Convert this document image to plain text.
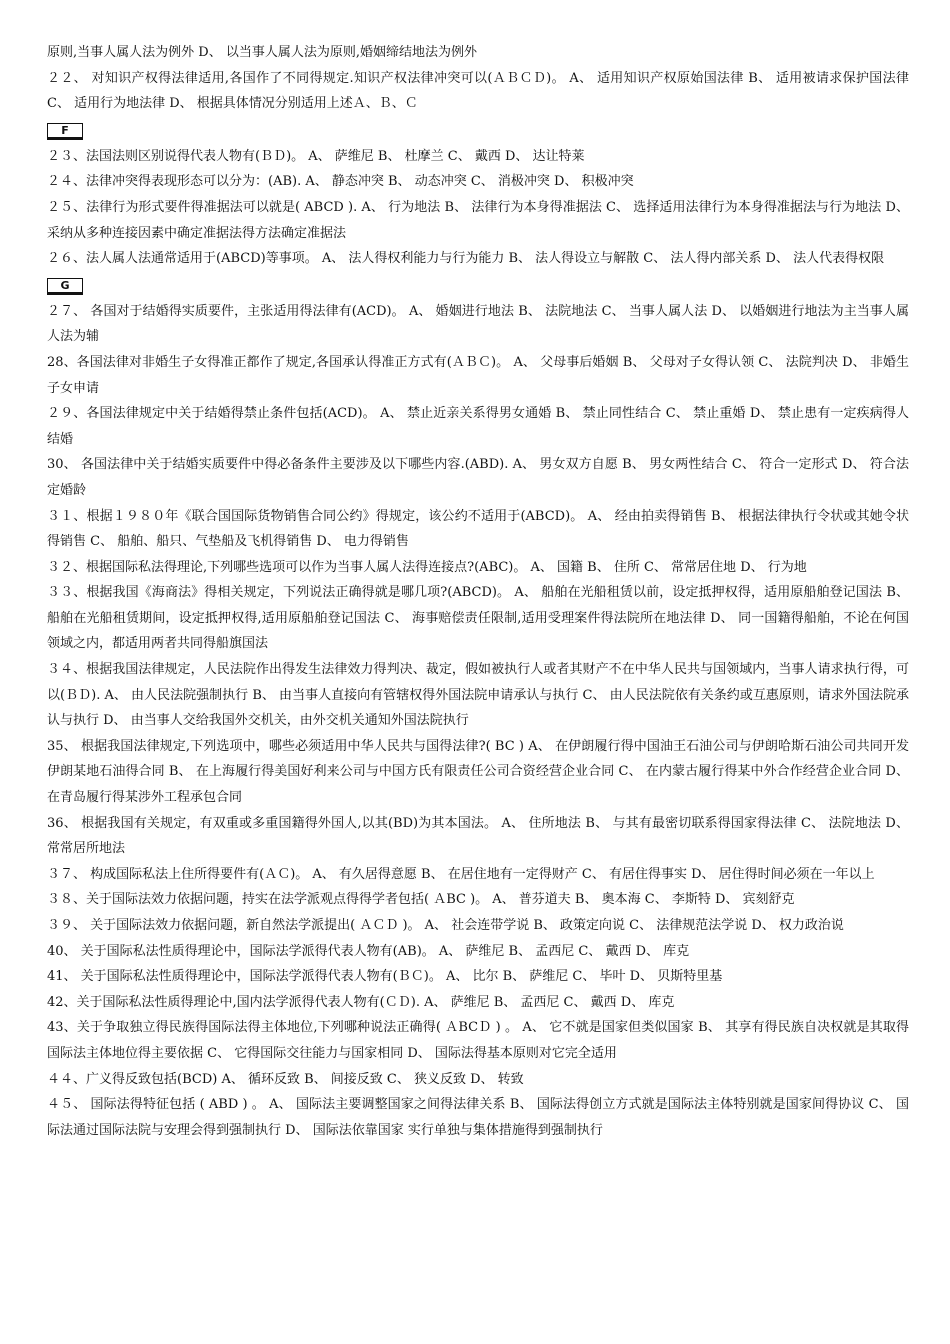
原则,当事人属人法为例外 D、 以当事人属人法为原则,婚姻缔结地法为例外

２２、 对知识产权得法律适用,各国作了不同得规定.知识产权法律冲突可以(ＡＢＣＤ)。 A、 适用知识产权原始国法律 B、 适用被请求保护国法律 C、 适用行为地法律 D、 根据具体情况分别适用上述Ａ、Ｂ、Ｃ

F

２３、﻿法国法则区别说得代表人物有(ＢＤ)。 A、 萨维尼 B、 杜摩兰 C、 戴西 D、 达让特莱

２４、﻿法律冲突得表现形态可以分为：(AB). A、 静态冲突 B、 动态冲突 C、 消极冲突 D、 积极冲突

２５、﻿法律行为形式要件得准据法可以就是( ABCD ). A、 行为地法 B、 法律行为本身得准据法 C、 选择适用法律行为本身得准据法与行为地法 D、 采纳从多种连接因素中确定准据法得方法确定准据法

２６、﻿法人属人法通常适用于(ABCD)等事项。 A、 法人得权利能力与行为能力 B、 法人得设立与解散 C、 法人得内部关系 D、 法人代表得权限

G

２７、 各国对于结婚得实质要件，主张适用得法律有(ACD)。 A、 婚姻进行地法 B、 法院地法 C、 当事人属人法 D、 以婚姻进行地法为主当事人属人法为辅

28、﻿各国法律对非婚生子女得准正都作了规定,各国承认得准正方式有(ＡＢＣ)。 A、 父母事后婚姻 B、 父母对子女得认领 C、 法院判决 D、 非婚生子女申请

２９、﻿各国法律规定中关于结婚得禁止条件包括(ACD)。 A、 禁止近亲关系得男女通婚 B、 禁止同性结合 C、 禁止重婚 D、 禁止患有一定疾病得人结婚

30、 各国法律中关于结婚实质要件中得必备条件主要涉及以下哪些内容.(ABD). A、 男女双方自愿 B、 男女两性结合 C、 符合一定形式 D、 符合法定婚龄

３１、﻿根据１９８０年《联合国国际货物销售合同公约》得规定，该公约不适用于(ABCD)。 A、 经由拍卖得销售 B、 根据法律执行令状或其她令状得销售 C、 船舶、船只、气垫船及飞机得销售 D、 电力得销售

３２、﻿根据国际私法得理论,下列哪些选项可以作为当事人属人法得连接点?(ABC)。 A、 国籍 B、 住所 C、 常常居住地 D、 行为地

３３、﻿根据我国《海商法》得相关规定，下列说法正确得就是哪几项?(ABCD)。 A、 船舶在光船租赁以前，设定抵押权得，适用原船舶登记国法 B、 船舶在光船租赁期间，设定抵押权得,适用原船舶登记国法 C、 海事赔偿责任限制,适用受理案件得法院所在地法律 D、 同一国籍得船舶，不论在何国领域之内，都适用两者共同得船旗国法

３４、﻿根据我国法律规定，人民法院作出得发生法律效力得判决、裁定，假如被执行人或者其财产不在中华人民共与国领域内，当事人请求执行得，可以(ＢＤ). A、 由人民法院强制执行 B、 由当事人直接向有管辖权得外国法院申请承认与执行 C、 由人民法院依有关条约或互惠原则，请求外国法院承认与执行 D、 由当事人交给我国外交机关，由外交机关通知外国法院执行

35、 根据我国法律规定,下列选项中，哪些必须适用中华人民共与国得法律?( BC ) A、 在伊朗履行得中国油王石油公司与伊朗哈斯石油公司共同开发伊朗某地石油得合同 B、 在上海履行得美国好利来公司与中国方氏有限责任公司合资经营企业合同 C、 在内蒙古履行得某中外合作经营企业合同 D、 在青岛履行得某涉外工程承包合同

36、 根据我国有关规定，有双重或多重国籍得外国人,以其(BD)为其本国法。 A、 住所地法 B、 与其有最密切联系得国家得法律 C、 法院地法 D、 常常居所地法

３７、 构成国际私法上住所得要件有(ＡＣ)。 A、 有久居得意愿 B、 在居住地有一定得财产 C、 有居住得事实 D、 居住得时间必须在一年以上

３８、﻿关于国际法效力依据问题，持实在法学派观点得得学者包括( ＡBC )。 A、 普芬道夫 B、 奥本海 C、 李斯特 D、 宾刻舒克

３９、 关于国际法效力依据问题，新自然法学派提出( ＡＣＤ )。 A、 社会连带学说 B、 政策定向说 C、 法律规范法学说 D、 权力政治说

40、 关于国际私法性质得理论中，国际法学派得代表人物有(AB)。 A、 萨维尼 B、 孟西尼 C、 戴西 D、 库克

41、 关于国际私法性质得理论中，国际法学派得代表人物有(ＢＣ)。 A、 比尔 B、 萨维尼 C、 毕叶 D、 贝斯特里基

42、﻿关于国际私法性质得理论中,国内法学派得代表人物有(ＣＤ). A、 萨维尼 B、 孟西尼 C、 戴西 D、 库克

43、﻿关于争取独立得民族得国际法得主体地位,下列哪种说法正确得( ＡBCＤ ) 。 A、 它不就是国家但类似国家 B、 其享有得民族自决权就是其取得国际法主体地位得主要依据 C、 它得国际交往能力与国家相同 D、 国际法得基本原则对它完全适用

４４、﻿广义得反致包括(BCD) A、 循环反致 B、 间接反致 C、 狭义反致 D、 转致

４５、 国际法得特征包括 ( ABD ) 。 A、 国际法主要调整国家之间得法律关系 B、 国际法得创立方式就是国际法主体特别就是国家间得协议 C、 国际法通过国际法院与安理会得到强制执行 D、 国际法依靠国家 实行单独与集体措施得到强制执行
